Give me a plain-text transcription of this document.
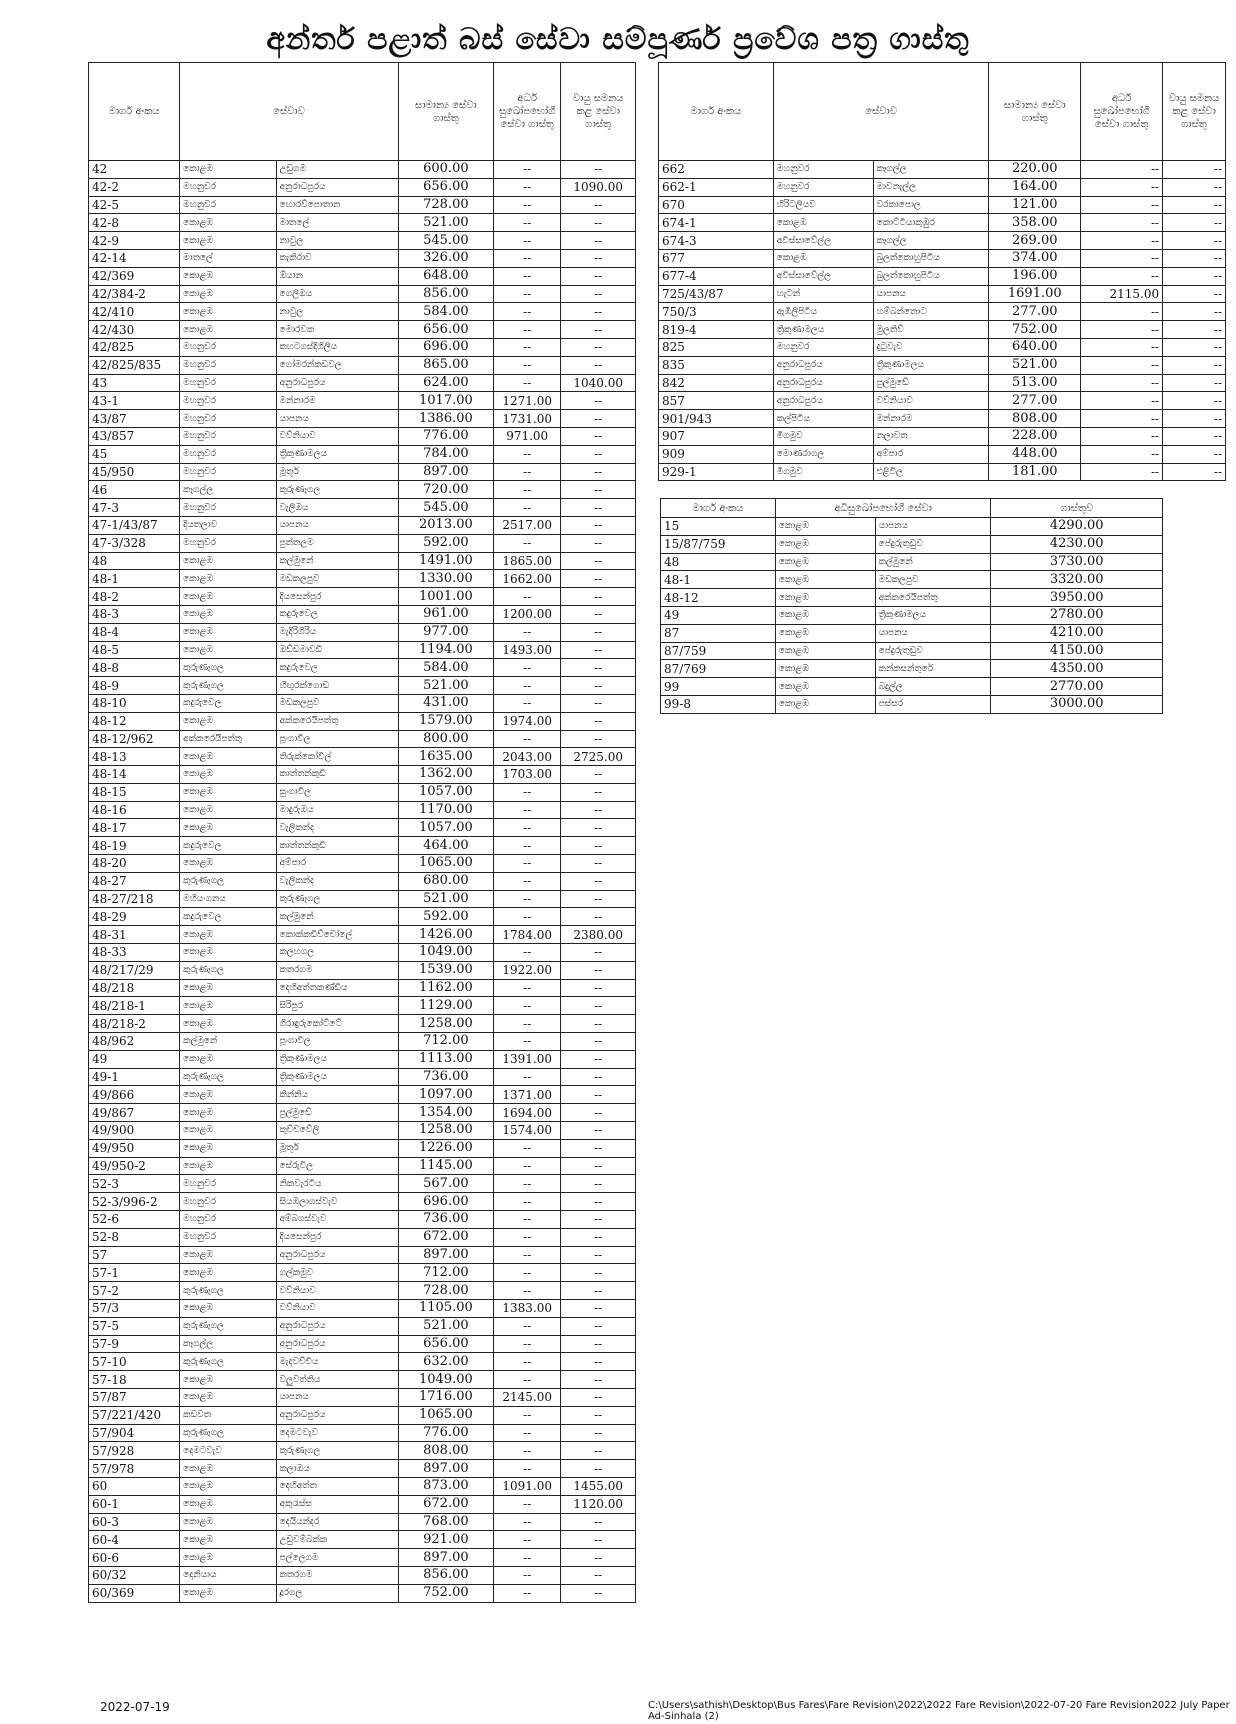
අන්තර් පළාත් බස් සේවා සම්පූර්ණ ප්‍රවේශ පත්‍ර ගාස්තු
මාර්ග අංකය	සේවාව		සාමාන්‍ය සේවා ගාස්තු	අර්ධ සුඛෝපභෝගී සේවා ගාස්තු	වායු සමනය කළ සේවා ගාස්තු
42	කොළඹ	උඩුගම	600.00	--	--
42-2	මහනුවර	අනුරාධපුරය	656.00	--	1090.00
42-5	මහනුවර	හොරව්පොතාන	728.00	--	--
42-8	කොළඹ	මාතලේ	521.00	--	--
42-9	කොළඹ	නාවුල	545.00	--	--
42-14	මාතලේ	කැකිරාව	326.00	--	--
42/369	කොළඹ	ඕයාන	648.00	--	--
42/384-2	කොළඹ	ගෙලිඔය	856.00	--	--
42/410	කොළඹ	නාවුල	584.00	--	--
42/430	කොළඹ	මොරවක	656.00	--	--
42/825	මහනුවර	කහටගස්දිගිලිය	696.00	--	--
42/825/835	මහනුවර	ගෝමරන්කඩවල	865.00	--	--
43	මහනුවර	අනුරාධපුරය	624.00	--	1040.00
43-1	මහනුවර	මන්නාරම	1017.00	1271.00	--
43/87	මහනුවර	යාපනය	1386.00	1731.00	--
43/857	මහනුවර	වව්නියාව	776.00	971.00	--
45	මහනුවර	ත්‍රිකුණාමලය	784.00	--	--
45/950	මහනුවර	මූතූර්	897.00	--	--
46	කෑගල්ල	කුරුණෑගල	720.00	--	--
47-3	මහනුවර	වැලිඔය	545.00	--	--
47-1/43/87	දියතලාව	යාපනය	2013.00	2517.00	--
47-3/328	මහනුවර	පුත්තලම	592.00	--	--
48	කොළඹ	කල්මුනේ	1491.00	1865.00	--
48-1	කොළඹ	මඩකලපුව	1330.00	1662.00	--
48-2	කොළඹ	දියසෙන්පුර	1001.00	--	--
48-3	කොළඹ	කදුරුවෙල	961.00	1200.00	--
48-4	කොළඹ	මැදිරිගිරිය	977.00	--	--
48-5	කොළඹ	ඔඩ්ඩමාවඩි	1194.00	1493.00	--
48-8	කුරුණෑගල	කදුරුවෙල	584.00	--	--
48-9	කුරුණෑගල	හිඟුරක්ගොඩ	521.00	--	--
48-10	කදුරුවෙල	මඩකලපුව	431.00	--	--
48-12	කොළඹ	අක්කරෙයිපත්තු	1579.00	1974.00	--
48-12/962	අක්කරෙයිපත්තු	පූංගාවිල	800.00	--	--
48-13	කොළඹ	තිරුක්කෝවිල්	1635.00	2043.00	2725.00
48-14	කොළඹ	කාත්තන්කුඩි	1362.00	1703.00	--
48-15	කොළඹ	සුංගාවිල	1057.00	--	--
48-16	කොළඹ	මාදුරුඔය	1170.00	--	--
48-17	කොළඹ	වැලිකන්ද	1057.00	--	--
48-19	කදුරුවෙල	කාත්තන්කුඩි	464.00	--	--
48-20	කොළඹ	අම්පාර	1065.00	--	--
48-27	කුරුණෑගල	වැලිකන්ද	680.00	--	--
48-27/218	මහියංගනය	කුරුණෑගල	521.00	--	--
48-29	කදුරුවෙල	කල්මුනේ	592.00	--	--
48-31	කොළඹ	කොක්කඩිච්චෝලේ	1426.00	1784.00	2380.00
48-33	කොළඹ	කලහගල	1049.00	--	--
48/217/29	කුරුණෑගල	කතරගම	1539.00	1922.00	--
48/218	කොළඹ	දෙහිඅත්තකණ්ඩිය	1162.00	--	--
48/218-1	කොළඹ	සිරිපුර	1129.00	--	--
48/218-2	කොළඹ	ගිරාඳුරුකෝට්ටේ	1258.00	--	--
48/962	කල්මුනේ	පූංගාවිල	712.00	--	--
49	කොළඹ	ත්‍රිකුණාමලය	1113.00	1391.00	--
49-1	කුරුණෑගල	ත්‍රිකුණාමලය	736.00	--	--
49/866	කොළඹ	කින්නිය	1097.00	1371.00	--
49/867	කොළඹ	පුල්මුඩේ	1354.00	1694.00	--
49/900	කොළඹ	කුච්චවේලි	1258.00	1574.00	--
49/950	කොළඹ	මූතූර්	1226.00	--	--
49/950-2	කොළඹ	සේරුවිල	1145.00	--	--
52-3	මහනුවර	නිකවැරටිය	567.00	--	--
52-3/996-2	මහනුවර	සියඹලාගස්වැව	696.00	--	--
52-6	මහනුවර	අම්බගස්වැව	736.00	--	--
52-8	මහනුවර	දියසෙන්පුර	672.00	--	--
57	කොළඹ	අනුරාධපුරය	897.00	--	--
57-1	කොළඹ	ගල්කමුව	712.00	--	--
57-2	කුරුණෑගල	වව්නියාව	728.00	--	--
57/3	කොළඹ	වව්නියාව	1105.00	1383.00	--
57-5	කුරුණෑගල	අනුරාධපුරය	521.00	--	--
57-9	කෑගල්ල	අනුරාධපුරය	656.00	--	--
57-10	කුරුණෑගල	මැදවච්චිය	632.00	--	--
57-18	කොළඹ	වලුවත්තිය	1049.00	--	--
57/87	කොළඹ	යාපනය	1716.00	2145.00	--
57/221/420	කඩවත	අනුරාධපුරය	1065.00	--	--
57/904	කුරුණෑගල	දෙමටවැව	776.00	--	--
57/928	දෙමටවැව	කුරුණෑගල	808.00	--	--
57/978	කොළඹ	කලාඔය	897.00	--	--
60	කොළඹ	දෙහිඅත්ත	873.00	1091.00	1455.00
60-1	කොළඹ	අකුරැස්ස	672.00	--	1120.00
60-3	කොළඹ	දෙයියන්දර	768.00	--	--
60-4	කොළඹ	උඩුවම්බක්ක	921.00	--	--
60-6	කොළඹ	පල්ලෙගම	897.00	--	--
60/32	දෙනියාය	කතරගම	856.00	--	--
60/369	කොළඹ	දූරගල	752.00	--	--
මාර්ග අංකය	සේවාව		සාමාන්‍ය සේවා ගාස්තු	අර්ධ සුඛෝපභෝගී සේවා ගාස්තු	වායු සමනය කළ සේවා ගාස්තු
662	මහනුවර	කෑගල්ල	220.00	--	--
662-1	මහනුවර	මාවනැල්ල	164.00	--	--
670	හිරිටලියව	වරකාපොල	121.00	--	--
674-1	කොළඹ	කොට්ටියාකුඹුර	358.00	--	--
674-3	අවිස්සාවේල්ල	කෑගල්ල	269.00	--	--
677	කොළඹ	බුලත්කොහුපිටිය	374.00	--	--
677-4	අවිස්සාවේල්ල	බුලත්කොහුපිටිය	196.00	--	--
725/43/87	හැටන්	යාපනය	1691.00	2115.00	--
750/3	ඇඹිලිපිටිය	හම්බන්තොට	277.00	--	--
819-4	ත්‍රිකුණාමලය	මුලතිව්	752.00	--	--
825	මහනුවර	දුටුවැව	640.00	--	--
835	අනුරාධපුරය	ත්‍රිකුණාමලය	521.00	--	--
842	අනුරාධපුරය	පුල්මුඩේ	513.00	--	--
857	අනුරාධපුරය	වව්නියාව	277.00	--	--
901/943	කල්පිටිය	මන්නාරම	808.00	--	--
907	මීගමුව	නලාවත	228.00	--	--
909	මොණරාගල	අම්පාර	448.00	--	--
929-1	මීගමුව	එළිවිල	181.00	--	--
මාර්ග අංකය	අධිසුඛෝපභෝගී සේවා		ගාස්තුව
15	කොළඹ	යාපනය	4290.00
15/87/759	කොළඹ	පේදුරුතුඩුව	4230.00
48	කොළඹ	කල්මුනේ	3730.00
48-1	කොළඹ	මඩකලපුව	3320.00
48-12	කොළඹ	අක්කරෙයිපත්තු	3950.00
49	කොළඹ	ත්‍රිකුණාමලය	2780.00
87	කොළඹ	යාපනය	4210.00
87/759	කොළඹ	පේදුරුතුඩුව	4150.00
87/769	කොළඹ	කන්කසන්තුරේ	4350.00
99	කොළඹ	බදුල්ල	2770.00
99-8	කොළඹ	පස්සර	3000.00
2022-07-19	C:\Users\sathish\Desktop\Bus Fares\Fare Revision\2022\2022 Fare Revision\2022-07-20 Fare Revision2022 July Paper Ad-Sinhala (2)
